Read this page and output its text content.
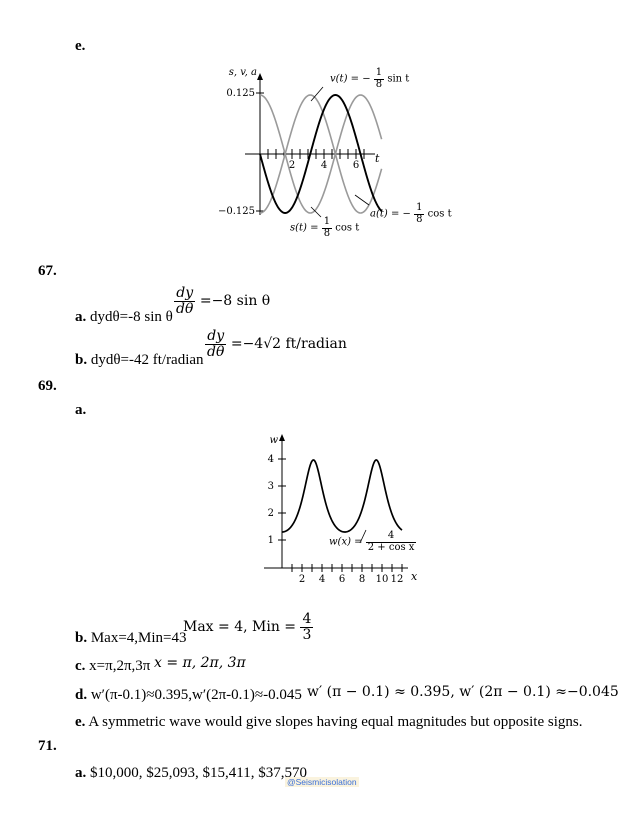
e.
0.125
−0.125
2	4	6
t
s, v, a
v(t) = − $\frac{1}{8}$ sin t
a(t) = − $\frac{1}{8}$ cos t
$s(t) = \frac{1}{8}$ cos t
67.
a. dydθ=-8 sin θ
$\frac{dy}{d\theta} =-8$ sin θ
b. dydθ=-42 ft/radian
$\frac{dy}{d\theta} =-4√2$ ft/radian
69.
a.
1
2
3
4
2 4 6 8 10 12 x
w
$w(x) = \frac{4}{\text{2 + cos x}}$
b. Max=4,Min=43
Max = 4, Min = $\frac{4}{3}$
c. x=π,2π,3π x = π, 2π, 3π
d. w′(π-0.1)≈0.395,w′(2π-0.1)≈-0.045 w′ (π − 0.1) ≈ 0.395, w′ (2π − 0.1) ≈−0.045
e. A symmetric wave would give slopes having equal magnitudes but opposite signs.
71.
a. $10,000, $25,093, $15,411, $37,570
@Seismicisolation
